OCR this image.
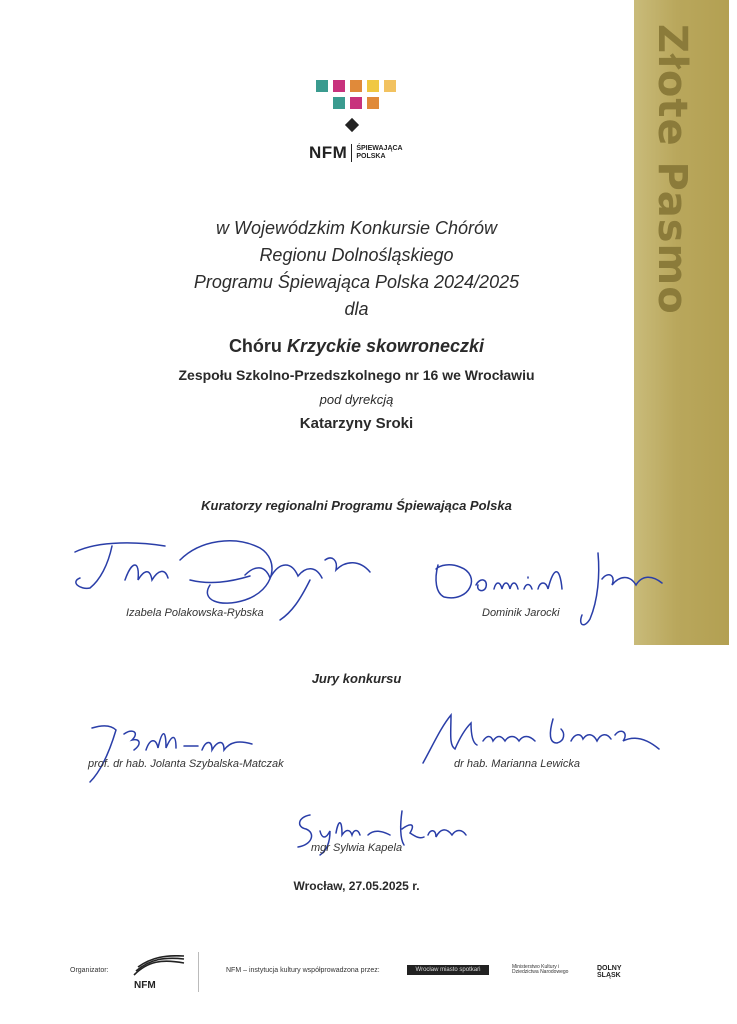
Złote Pasmo
NFM ŚPIEWAJĄCA
POLSKA
w Wojewódzkim Konkursie Chórów
Regionu Dolnośląskiego
Programu Śpiewająca Polska 2024/2025
dla
Chóru Krzyckie skowroneczki
Zespołu Szkolno-Przedszkolnego nr 16 we Wrocławiu
pod dyrekcją
Katarzyny Sroki
Kuratorzy regionalni Programu Śpiewająca Polska
Izabela Polakowska-Rybska	Dominik Jarocki
Jury konkursu
prof. dr hab. Jolanta Szybalska-Matczak	dr hab. Marianna Lewicka
mgr Sylwia Kapela
Wrocław, 27.05.2025 r.
Organizator:
NFM
NFM – instytucja kultury współprowadzona przez:	Wrocław miasto spotkań	Ministerstwo Kultury i Dziedzictwa Narodowego	DOLNY
ŚLĄSK
